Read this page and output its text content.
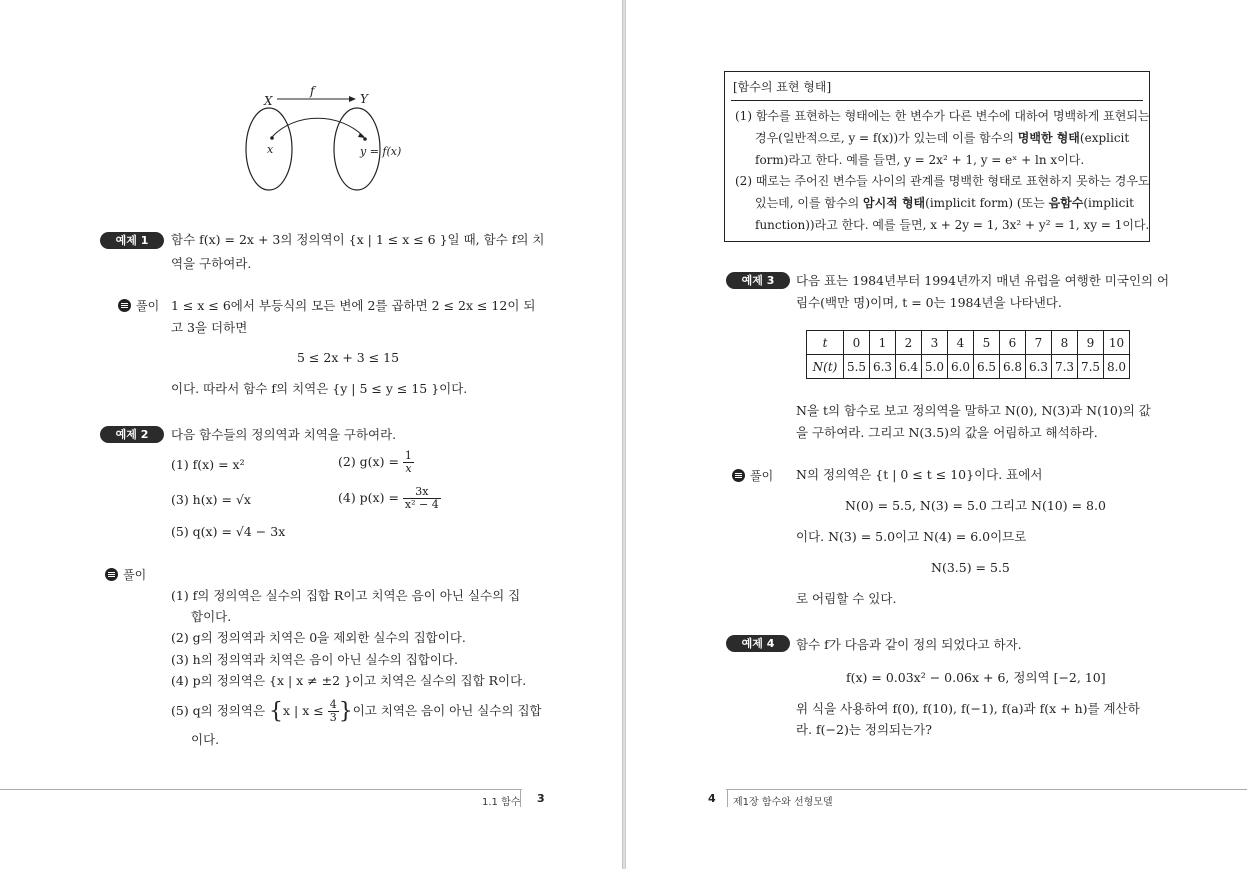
X	Y
f
x	y = f(x)
예제 1	함수 f(x) = 2x + 3의 정의역이 {x | 1 ≤ x ≤ 6 }일 때, 함수 f의 치
역을 구하여라.
풀이 1 ≤ x ≤ 6에서 부등식의 모든 변에 2를 곱하면 2 ≤ 2x ≤ 12이 되
고 3을 더하면
5 ≤ 2x + 3 ≤ 15
이다. 따라서 함수 f의 치역은 {y | 5 ≤ y ≤ 15 }이다.
예제 2	다음 함수들의 정의역과 치역을 구하여라.
(1) f(x) = x²	(2) $g(x) = \frac{1}{x}$
(3) h(x) = √x	(4) $p(x) = \frac{3x}{\text{x² − 4}}$
(5) q(x) = √4 − 3x
풀이
(1) f의 정의역은 실수의 집합 R이고 치역은 음이 아닌 실수의 집
합이다.
(2) g의 정의역과 치역은 0을 제외한 실수의 집합이다.
(3) h의 정의역과 치역은 음이 아닌 실수의 집합이다.
(4) p의 정의역은 {x | x ≠ ±2 }이고 치역은 실수의 집합 R이다.
(5) q의 정의역은 {x | $x \le \frac{4}{3}$ }이고 치역은 음이 아닌 실수의 집합
이다.
1.1 함수 3
[함수의 표현 형태]
(1) 함수를 표현하는 형태에는 한 변수가 다른 변수에 대하여 명백하게 표현되는
경우(일반적으로, y = f(x))가 있는데 이를 함수의 명백한 형태(explicit
form)라고 한다. 예를 들면, y = 2x² + 1, y = eˣ + ln x이다.
(2) 때로는 주어진 변수들 사이의 관계를 명백한 형태로 표현하지 못하는 경우도
있는데, 이를 함수의 암시적 형태(implicit form) (또는 음함수(implicit
function))라고 한다. 예를 들면, x + 2y = 1, 3x² + y² = 1, xy = 1이다.
예제 3	다음 표는 1984년부터 1994년까지 매년 유럽을 여행한 미국인의 어
림수(백만 명)이며, t = 0는 1984년을 나타낸다.
t	0	1	2	3	4	5	6	7	8	9	10
N(t)	5.5	6.3	6.4	5.0	6.0	6.5	6.8	6.3	7.3	7.5	8.0
N을 t의 함수로 보고 정의역을 말하고 N(0), N(3)과 N(10)의 값
을 구하여라. 그리고 N(3.5)의 값을 어림하고 해석하라.
풀이 N의 정의역은 {t | 0 ≤ t ≤ 10}이다. 표에서
N(0) = 5.5, N(3) = 5.0 그리고 N(10) = 8.0
이다. N(3) = 5.0이고 N(4) = 6.0이므로
N(3.5) = 5.5
로 어림할 수 있다.
예제 4	함수 f가 다음과 같이 정의 되었다고 하자.
f(x) = 0.03x² − 0.06x + 6, 정의역 [−2, 10]
위 식을 사용하여 f(0), f(10), f(−1), f(a)과 f(x + h)를 계산하
라. f(−2)는 정의되는가?
4 제1장 함수와 선형모델
